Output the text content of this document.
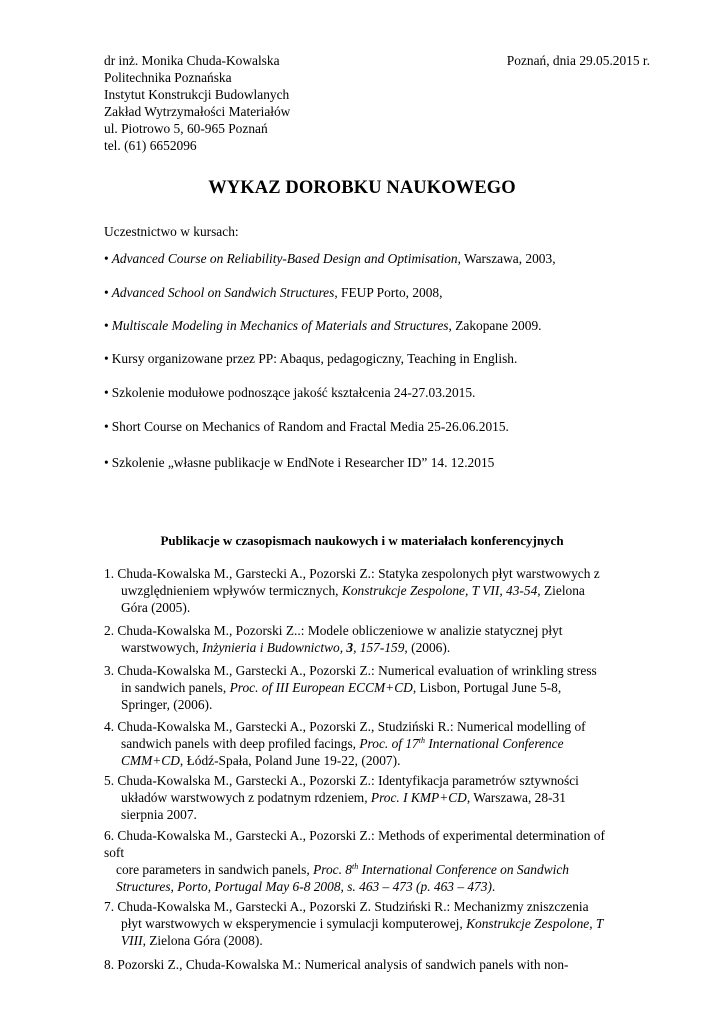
dr inż. Monika Chuda-Kowalska
Politechnika Poznańska
Instytut Konstrukcji Budowlanych
Zakład Wytrzymałości Materiałów
ul. Piotrowo 5, 60-965 Poznań
tel. (61) 6652096
Poznań, dnia 29.05.2015 r.
WYKAZ DOROBKU NAUKOWEGO
Uczestnictwo w kursach:
• Advanced Course on Reliability-Based Design and Optimisation, Warszawa, 2003,
• Advanced School on Sandwich Structures, FEUP Porto, 2008,
• Multiscale Modeling in Mechanics of Materials and Structures, Zakopane 2009.
• Kursy organizowane przez PP: Abaqus, pedagogiczny, Teaching in English.
• Szkolenie modułowe podnoszące jakość kształcenia 24-27.03.2015.
• Short Course on Mechanics of Random and Fractal Media 25-26.06.2015.
• Szkolenie „własne publikacje w EndNote i Researcher ID” 14. 12.2015
Publikacje w czasopismach naukowych i w materiałach konferencyjnych
1. Chuda-Kowalska M., Garstecki A., Pozorski Z.: Statyka zespolonych płyt warstwowych z
uwzględnieniem wpływów termicznych, Konstrukcje Zespolone, T VII, 43-54, Zielona
Góra (2005).
2. Chuda-Kowalska M., Pozorski Z..: Modele obliczeniowe w analizie statycznej płyt
warstwowych, Inżynieria i Budownictwo, 3, 157-159, (2006).
3. Chuda-Kowalska M., Garstecki A., Pozorski Z.: Numerical evaluation of wrinkling stress
in sandwich panels, Proc. of III European ECCM+CD, Lisbon, Portugal June 5-8,
Springer, (2006).
4. Chuda-Kowalska M., Garstecki A., Pozorski Z., Studziński R.: Numerical modelling of
sandwich panels with deep profiled facings, Proc. of 17th International Conference
CMM+CD, Łódź-Spała, Poland June 19-22, (2007).
5. Chuda-Kowalska M., Garstecki A., Pozorski Z.: Identyfikacja parametrów sztywności
układów warstwowych z podatnym rdzeniem, Proc. I KMP+CD, Warszawa, 28-31
sierpnia 2007.
6. Chuda-Kowalska M., Garstecki A., Pozorski Z.: Methods of experimental determination of
soft
core parameters in sandwich panels, Proc. 8th International Conference on Sandwich
Structures, Porto, Portugal May 6-8 2008, s. 463 – 473 (p. 463 – 473).
7. Chuda-Kowalska M., Garstecki A., Pozorski Z. Studziński R.: Mechanizmy zniszczenia
płyt warstwowych w eksperymencie i symulacji komputerowej, Konstrukcje Zespolone, T
VIII, Zielona Góra (2008).
8. Pozorski Z., Chuda-Kowalska M.: Numerical analysis of sandwich panels with non-
